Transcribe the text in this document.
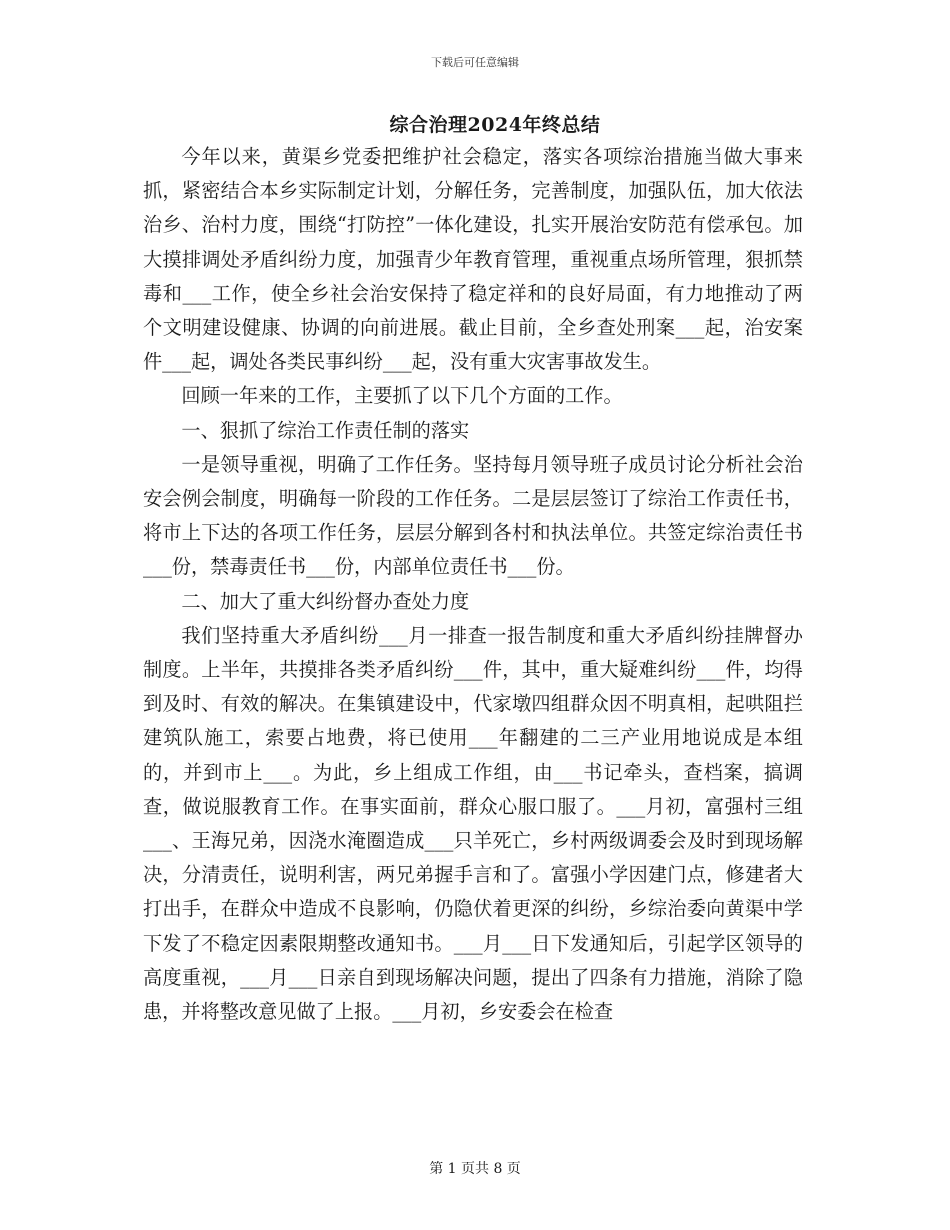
下载后可任意编辑
综合治理2024年终总结

今年以来，黄渠乡党委把维护社会稳定，落实各项综治措施当做大事来抓，紧密结合本乡实际制定计划，分解任务，完善制度，加强队伍，加大依法治乡、治村力度，围绕“打防控”一体化建设，扎实开展治安防范有偿承包。加大摸排调处矛盾纠纷力度，加强青少年教育管理，重视重点场所管理，狠抓禁毒和___工作，使全乡社会治安保持了稳定祥和的良好局面，有力地推动了两个文明建设健康、协调的向前进展。截止目前，全乡查处刑案___起，治安案件___起，调处各类民事纠纷___起，没有重大灾害事故发生。

回顾一年来的工作，主要抓了以下几个方面的工作。

一、狠抓了综治工作责任制的落实

一是领导重视，明确了工作任务。坚持每月领导班子成员讨论分析社会治安会例会制度，明确每一阶段的工作任务。二是层层签订了综治工作责任书，将市上下达的各项工作任务，层层分解到各村和执法单位。共签定综治责任书___份，禁毒责任书___份，内部单位责任书___份。

二、加大了重大纠纷督办查处力度

我们坚持重大矛盾纠纷___月一排查一报告制度和重大矛盾纠纷挂牌督办制度。上半年，共摸排各类矛盾纠纷___件，其中，重大疑难纠纷___件，均得到及时、有效的解决。在集镇建设中，代家墩四组群众因不明真相，起哄阻拦建筑队施工，索要占地费，将已使用___年翻建的二三产业用地说成是本组的，并到市上___。为此，乡上组成工作组，由___书记牵头，查档案，搞调查，做说服教育工作。在事实面前，群众心服口服了。___月初，富强村三组___、王海兄弟，因浇水淹圈造成___只羊死亡，乡村两级调委会及时到现场解决，分清责任，说明利害，两兄弟握手言和了。富强小学因建门点，修建者大打出手，在群众中造成不良影响，仍隐伏着更深的纠纷，乡综治委向黄渠中学下发了不稳定因素限期整改通知书。___月___日下发通知后，引起学区领导的高度重视，___月___日亲自到现场解决问题，提出了四条有力措施，消除了隐患，并将整改意见做了上报。___月初，乡安委会在检查

第 1 页共 8 页
